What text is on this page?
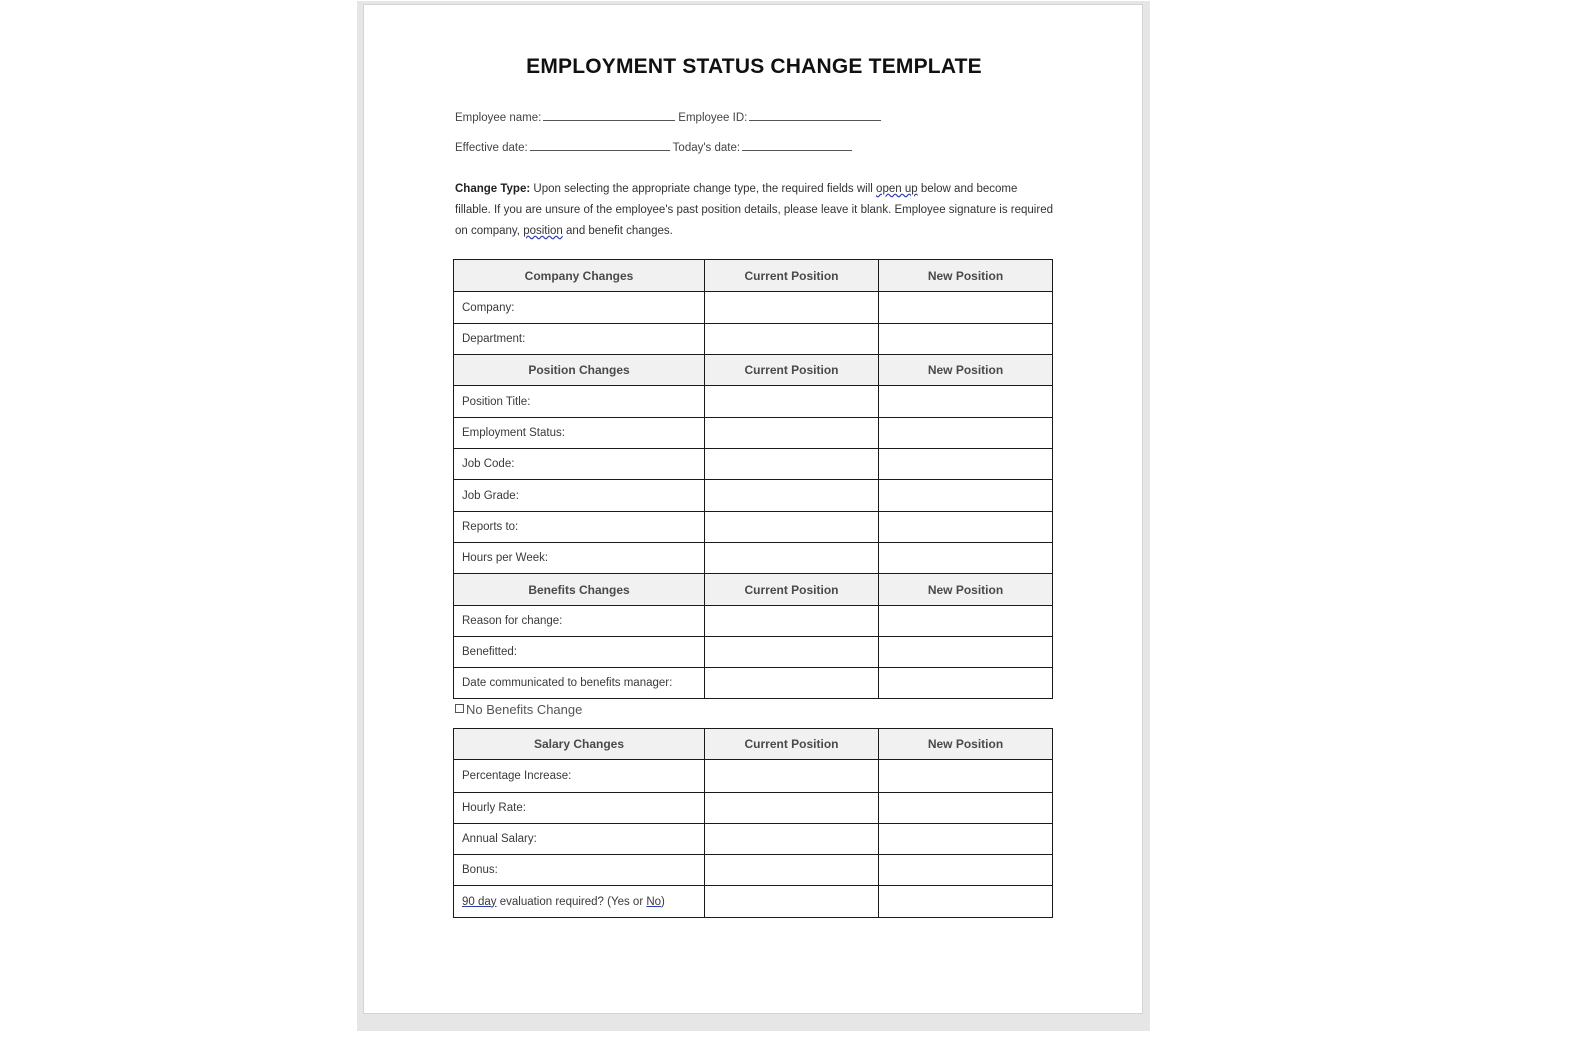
EMPLOYMENT STATUS CHANGE TEMPLATE
Employee name:	Employee ID:
Effective date:	Today's date:
Change Type: Upon selecting the appropriate change type, the required fields will open up below and become fillable. If you are unsure of the employee's past position details, please leave it blank. Employee signature is required on company, position and benefit changes.
Company Changes	Current Position	New Position
Company:		
Department:		
Position Changes	Current Position	New Position
Position Title:		
Employment Status:		
Job Code:		
Job Grade:		
Reports to:		
Hours per Week:		
Benefits Changes	Current Position	New Position
Reason for change:		
Benefitted:		
Date communicated to benefits manager:		
No Benefits Change
Salary Changes	Current Position	New Position
Percentage Increase:		
Hourly Rate:		
Annual Salary:		
Bonus:		
90 day evaluation required? (Yes or No)		
